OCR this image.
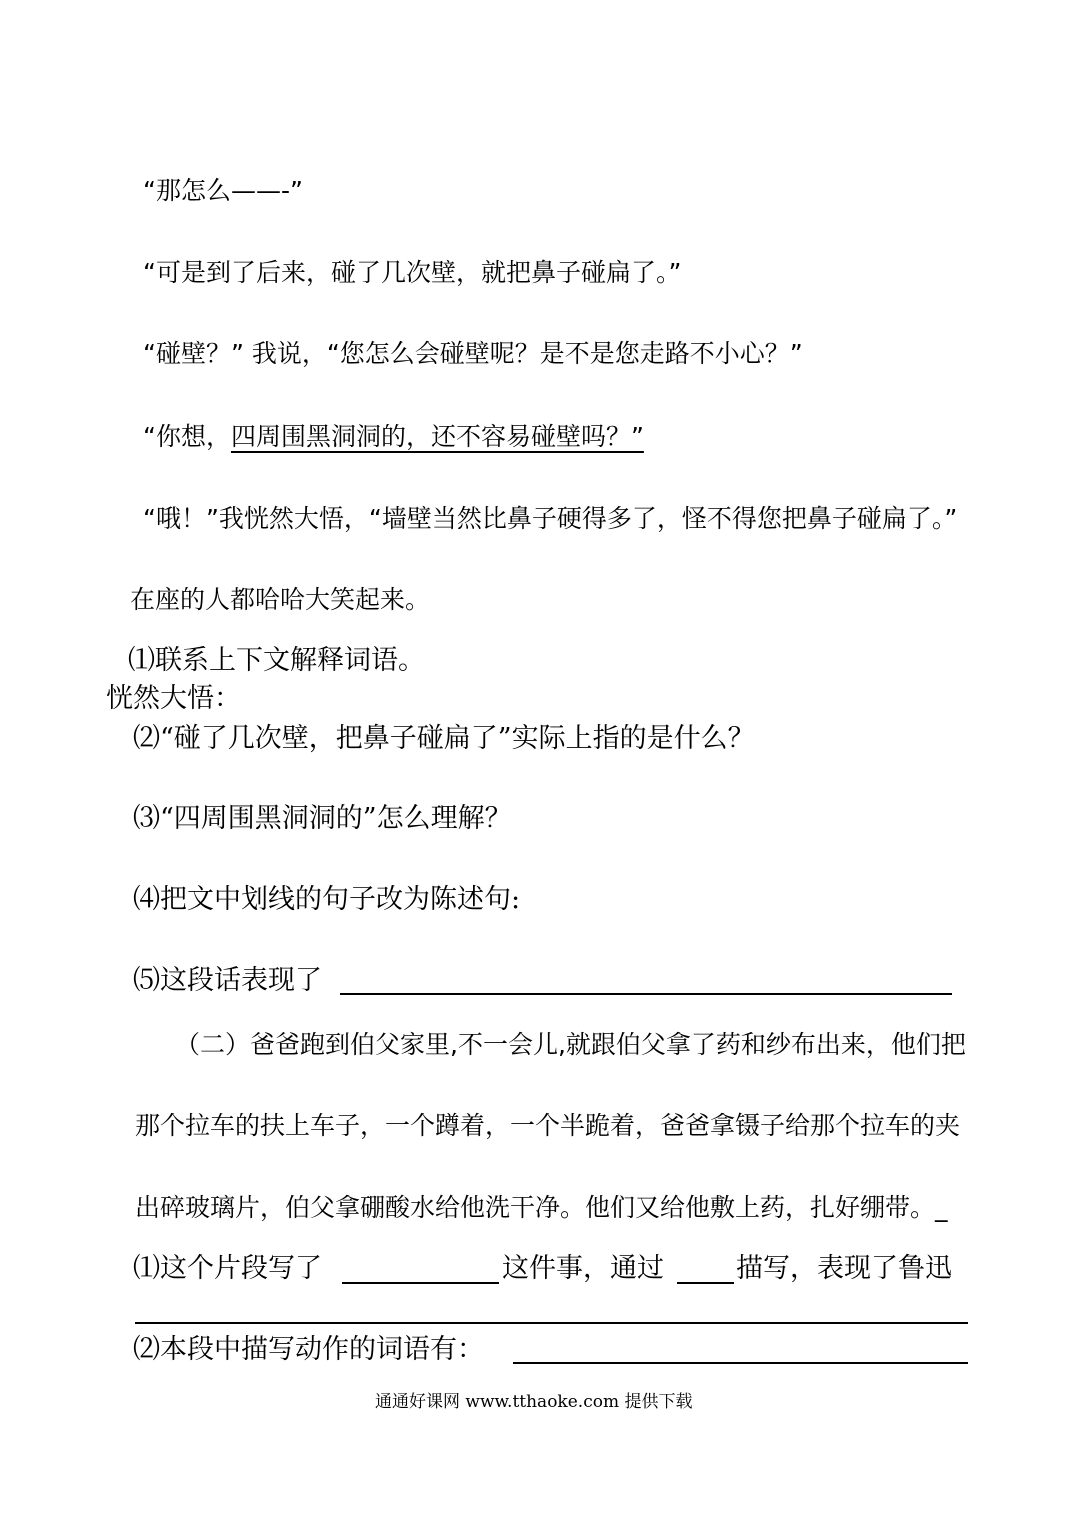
“那怎么——-”
“可是到了后来，碰了几次壁，就把鼻子碰扁了。”
“碰壁？” 我说，“您怎么会碰壁呢？是不是您走路不小心？”
“你想，四周围黑洞洞的，还不容易碰壁吗？”
“哦！”我恍然大悟，“墙壁当然比鼻子硬得多了，怪不得您把鼻子碰扁了。”
在座的人都哈哈大笑起来。
⑴联系上下文解释词语。
恍然大悟：
⑵“碰了几次壁，把鼻子碰扁了”实际上指的是什么？
⑶“四周围黑洞洞的”怎么理解？
⑷把文中划线的句子改为陈述句:
⑸这段话表现了
（二）爸爸跑到伯父家里,不一会儿,就跟伯父拿了药和纱布出来，他们把
那个拉车的扶上车子，一个蹲着，一个半跪着，爸爸拿镊子给那个拉车的夹
出碎玻璃片，伯父拿硼酸水给他洗干净。他们又给他敷上药，扎好绷带。_
⑴这个片段写了	这件事，通过	描写，表现了鲁迅
⑵本段中描写动作的词语有：
通通好课网 www.tthaoke.com 提供下载
